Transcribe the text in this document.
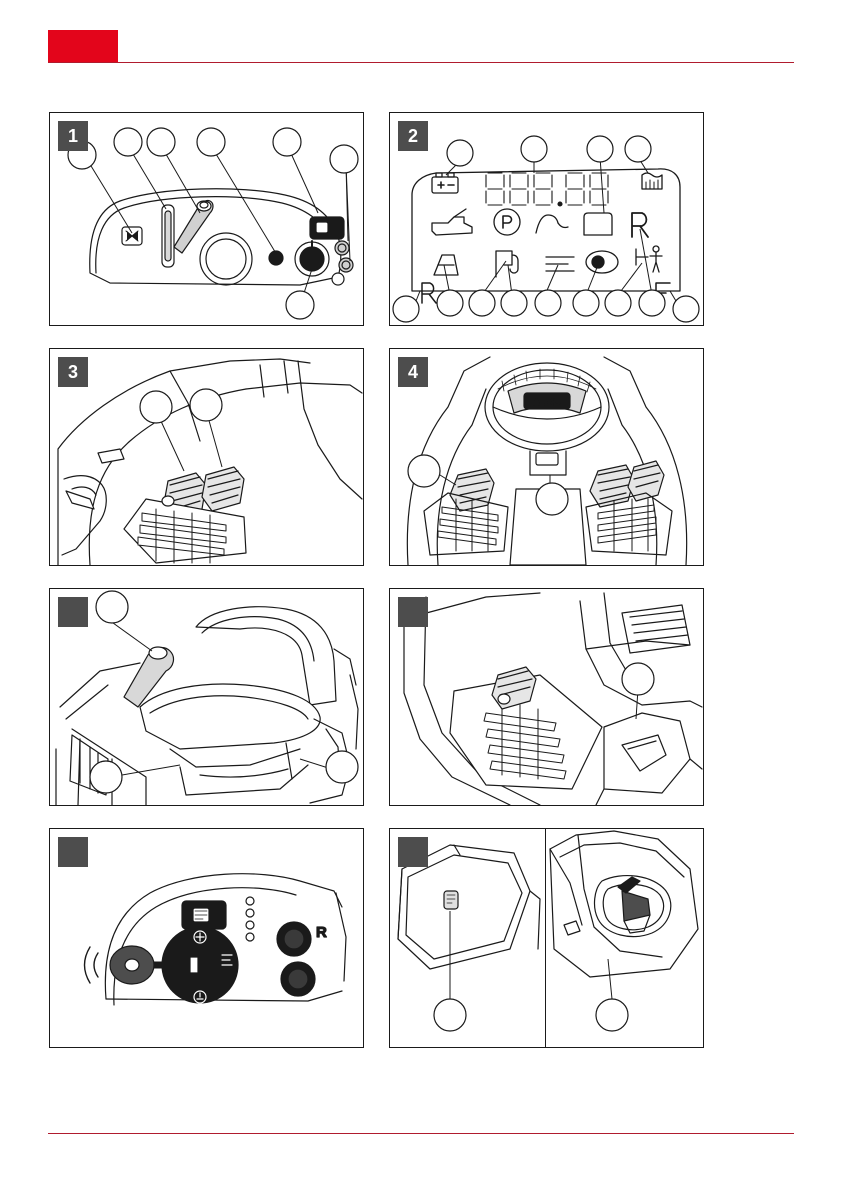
1	2
3
AL-KO
4
R
